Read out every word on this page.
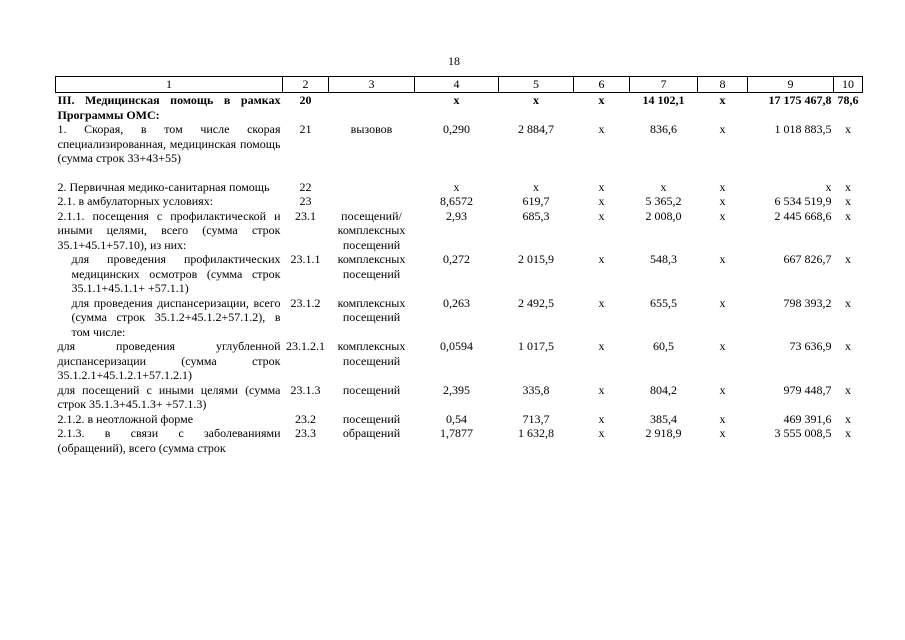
18
1	2	3	4	5	6	7	8	9	10
III. Медицинская помощь в рамках Программы ОМС:	20		x	x	x	14 102,1	x	17 175 467,8	78,6
1. Скорая, в том числе скорая специализированная, медицинская помощь (сумма строк 33+43+55)	21	вызовов	0,290	2 884,7	x	836,6	x	1 018 883,5	x

2. Первичная медико-санитарная помощь	22		x	x	x	x	x	x	x
2.1. в амбулаторных условиях:	23		8,6572	619,7	x	5 365,2	x	6 534 519,9	x
2.1.1. посещения с профилактической и иными целями, всего (сумма строк 35.1+45.1+57.10), из них:	23.1	посещений/ комплексных посещений	2,93	685,3	x	2 008,0	x	2 445 668,6	x
для проведения профилактических медицинских осмотров (сумма строк 35.1.1+45.1.1+ +57.1.1)	23.1.1	комплексных посещений	0,272	2 015,9	x	548,3	x	667 826,7	x
для проведения диспансеризации, всего (сумма строк 35.1.2+45.1.2+57.1.2), в том числе:	23.1.2	комплексных посещений	0,263	2 492,5	x	655,5	x	798 393,2	x
для проведения углубленной диспансеризации (сумма строк 35.1.2.1+45.1.2.1+57.1.2.1)	23.1.2.1	комплексных посещений	0,0594	1 017,5	x	60,5	x	73 636,9	x
для посещений с иными целями (сумма строк 35.1.3+45.1.3+ +57.1.3)	23.1.3	посещений	2,395	335,8	x	804,2	x	979 448,7	x
2.1.2. в неотложной форме	23.2	посещений	0,54	713,7	x	385,4	x	469 391,6	x
2.1.3. в связи с заболеваниями (обращений), всего (сумма строк	23.3	обращений	1,7877	1 632,8	x	2 918,9	x	3 555 008,5	x
